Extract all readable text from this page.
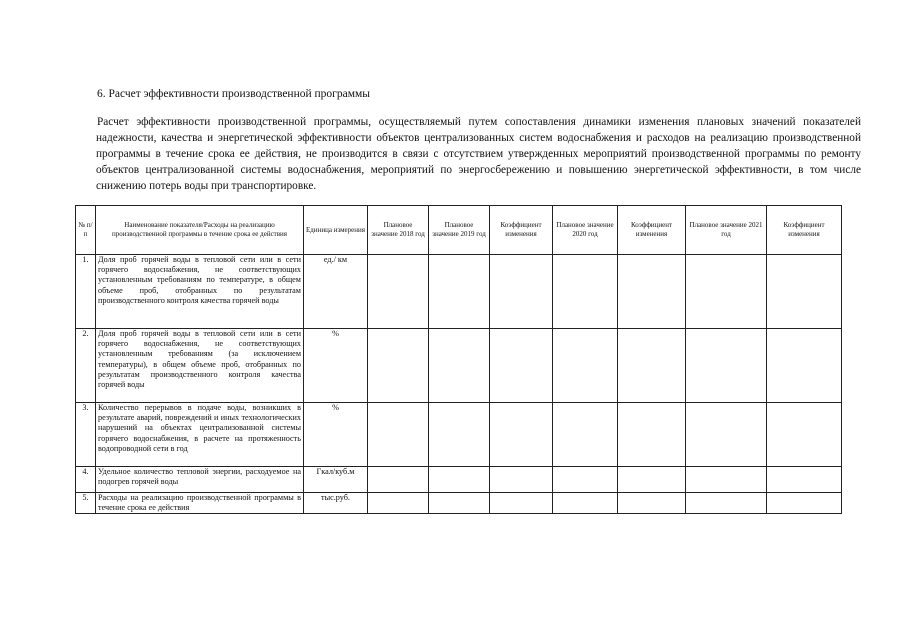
6. Расчет эффективности производственной программы
Расчет эффективности производственной программы, осуществляемый путем сопоставления динамики изменения плановых значений показателей надежности, качества и энергетической эффективности объектов централизованных систем водоснабжения и расходов на реализацию производственной программы в течение срока ее действия, не производится в связи с отсутствием утвержденных мероприятий производственной программы по ремонту объектов централизованной системы водоснабжения, мероприятий по энергосбережению и повышению энергетической эффективности, в том числе снижению потерь воды при транспортировке.
№ п/п	Наименование показателя/Расходы на реализацию производственной программы в течение срока ее действия	Единица измерения	Плановое значение 2018 год	Плановое значение 2019 год	Коэффициент изменения	Плановое значение 2020 год	Коэффициент изменения	Плановое значение 2021 год	Коэффициент изменения
1.	Доля проб горячей воды в тепловой сети или в сети горячего водоснабжения, не соответствующих установленным требованиям по температуре, в общем объеме проб, отобранных по результатам производственного контроля качества горячей воды	ед./ км							
2.	Доля проб горячей воды в тепловой сети или в сети горячего водоснабжения, не соответствующих установленным требованиям (за исключением температуры), в общем объеме проб, отобранных по результатам производственного контроля качества горячей воды	%							
3.	Количество перерывов в подаче воды, возникших в результате аварий, повреждений и иных технологических нарушений на объектах централизованной системы горячего водоснабжения, в расчете на протяженность водопроводной сети в год	%							
4.	Удельное количество тепловой энергии, расходуемое на подогрев горячей воды	Гкал/куб.м							
5.	Расходы на реализацию производственной программы в течение срока ее действия	тыс.руб.							
